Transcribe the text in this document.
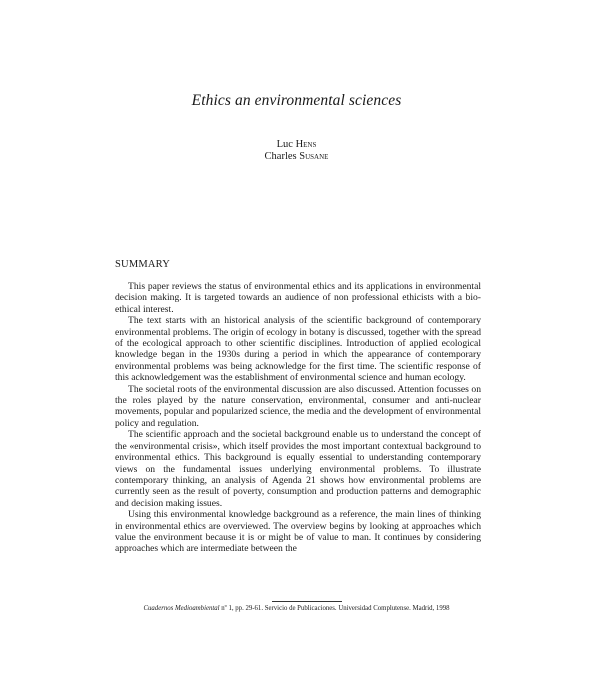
Ethics an environmental sciences
Luc Hens
Charles Susane
SUMMARY

This paper reviews the status of environmental ethics and its applications in environmental decision making. It is targeted towards an audience of non professional ethicists with a bio-ethical interest.

The text starts with an historical analysis of the scientific background of contemporary environmental problems. The origin of ecology in botany is discussed, together with the spread of the ecological approach to other scientific disciplines. Introduction of applied ecological knowledge began in the 1930s during a period in which the appearance of contemporary environmental problems was being acknowledge for the first time. The scientific response of this acknowledgement was the establishment of environmental science and human ecology.

The societal roots of the environmental discussion are also discussed. Attention focusses on the roles played by the nature conservation, environmental, consumer and anti-nuclear movements, popular and popularized science, the media and the development of environmental policy and regulation.

The scientific approach and the societal background enable us to understand the concept of the «environmental crisis», which itself provides the most important contextual background to environmental ethics. This background is equally essential to understanding contemporary views on the fundamental issues underlying environmental problems. To illustrate contemporary thinking, an analysis of Agenda 21 shows how environmental problems are currently seen as the result of poverty, consumption and production patterns and demographic and decision making issues.

Using this environmental knowledge background as a reference, the main lines of thinking in environmental ethics are overviewed. The overview begins by looking at approaches which value the environment because it is or might be of value to man. It continues by considering approaches which are intermediate between the

Cuadernos Medioambiental nº 1, pp. 29-61. Servicio de Publicaciones. Universidad Complutense. Madrid, 1998
